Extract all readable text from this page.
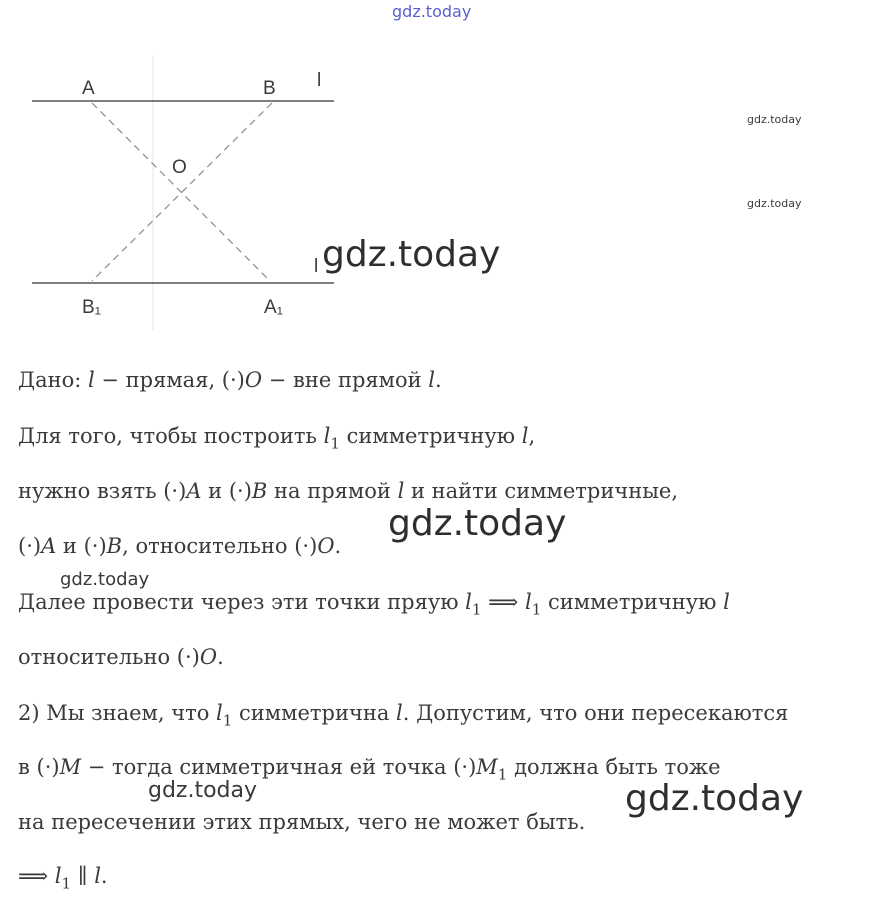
A	B l
O
l
B₁	A₁
gdz.today
gdz.today
gdz.today
gdz.today
Дано: l − прямая, (·)O − вне прямой l.
Для того, чтобы построить $l_1$ симметричную l,
нужно взять (·)A и (·)B на прямой l и найти симметричные,
(·)A и (·)B, относительно (·)O.
gdz.today
gdz.today
Далее провести через эти точки пряую $l_1$ ⟹ $l_1$ симметричную l
относительно (·)O.
2) Мы знаем, что $l_1$ симметрична l. Допустим, что они пересекаются
в (·)M − тогда симметричная ей точка $(\cdot)M_1$ должна быть тоже
gdz.today	gdz.today
на пересечении этих прямых, чего не может быть.
⟹ $l_1$ ∥ l.
